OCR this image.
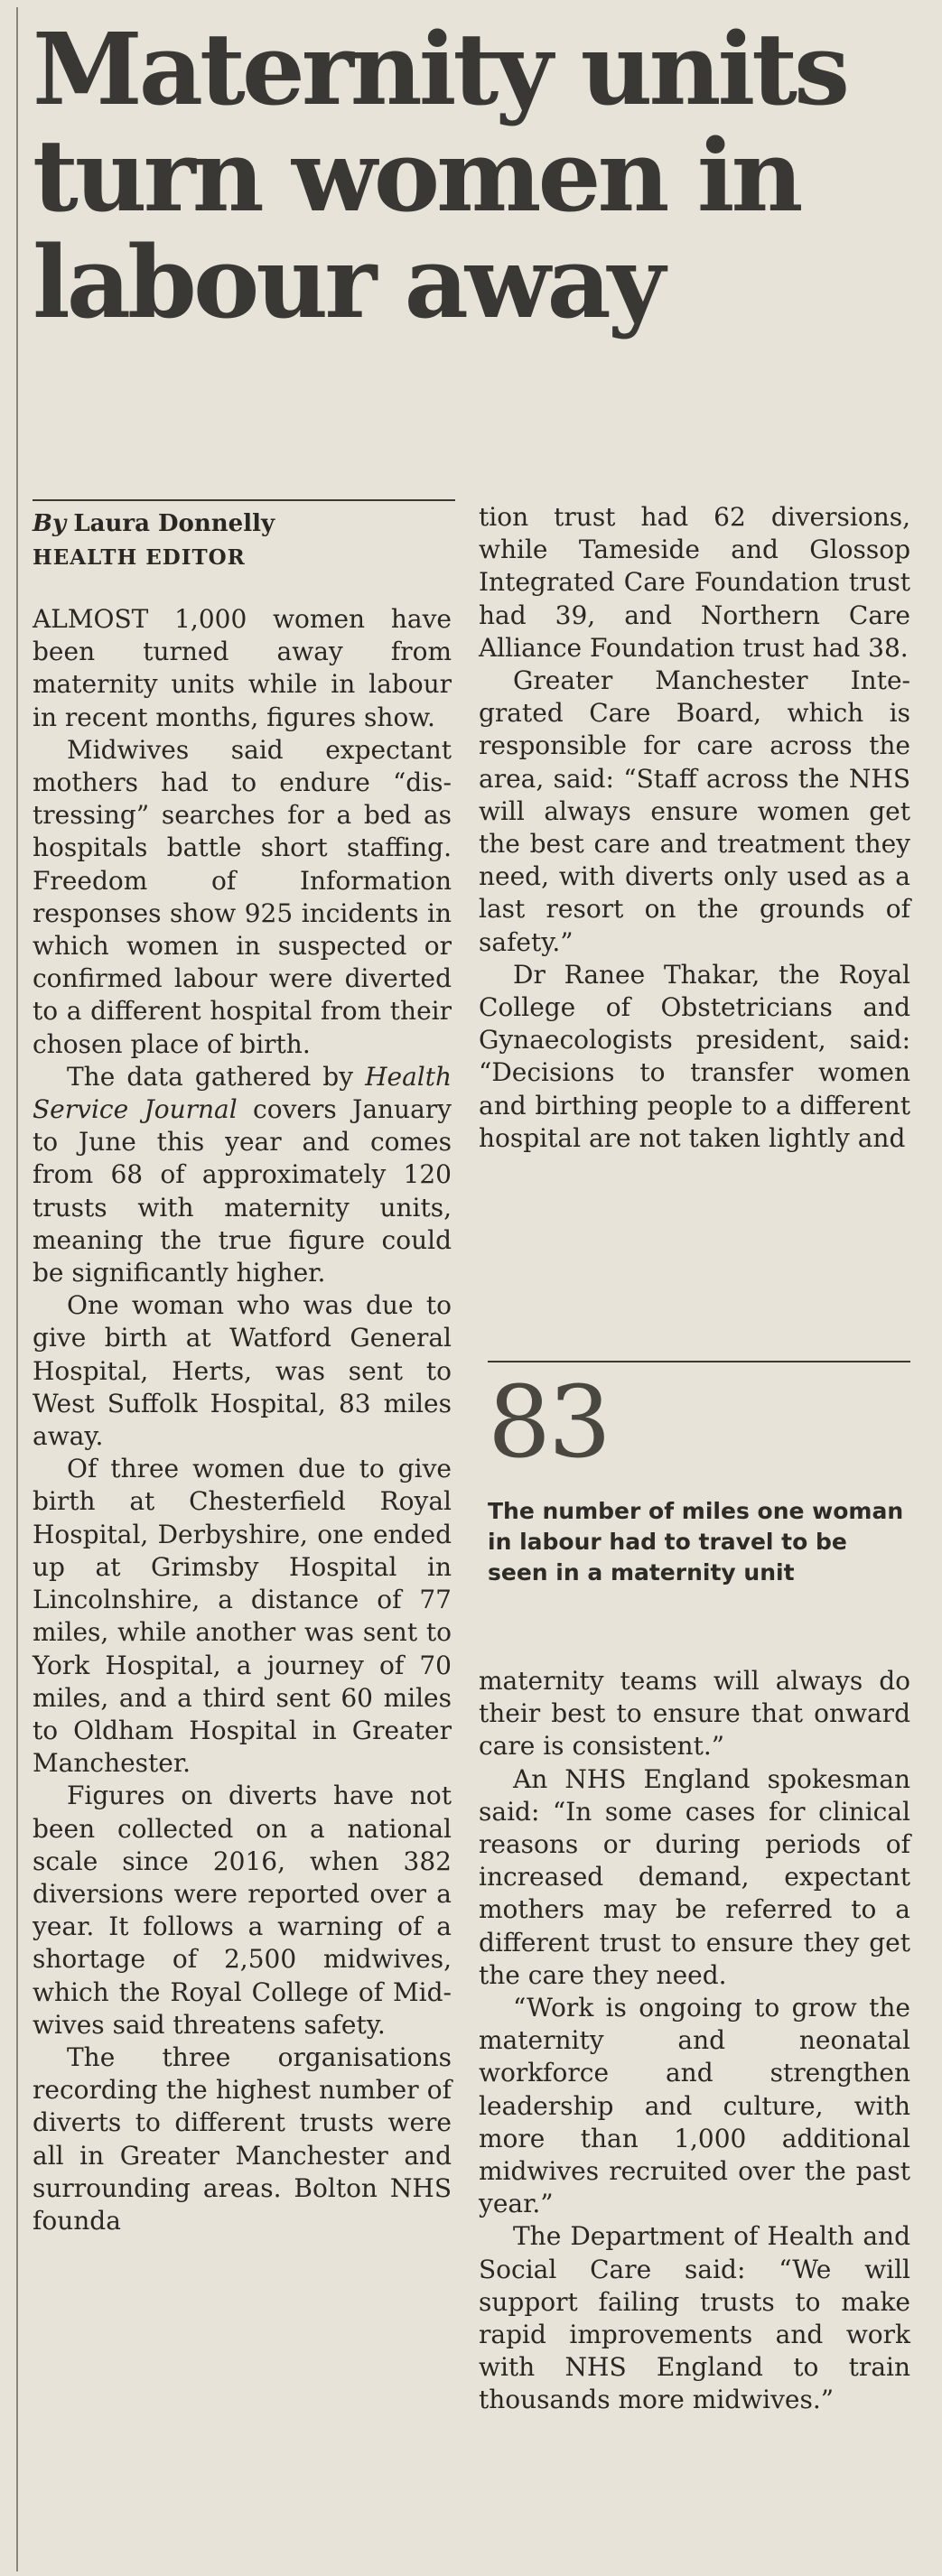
Maternity units turn women in labour away
By Laura Donnelly
HEALTH EDITOR

ALMOST 1,000 women have been turned away from maternity units while in labour in recent months, figures show.

Midwives said expectant mothers had to endure “distressing” searches for a bed as hospitals battle short staffing. Freedom of Information responses show 925 incidents in which women in suspected or confirmed labour were diverted to a different hospital from their chosen place of birth.

The data gathered by Health Service Journal covers January to June this year and comes from 68 of approximately 120 trusts with maternity units, meaning the true figure could be significantly higher.

One woman who was due to give birth at Watford General Hospital, Herts, was sent to West Suffolk Hospital, 83 miles away.

Of three women due to give birth at Chesterfield Royal Hospital, Derbyshire, one ended up at Grimsby Hospital in Lincolnshire, a distance of 77 miles, while another was sent to York Hospital, a journey of 70 miles, and a third sent 60 miles to Oldham Hospital in Greater Manchester.

Figures on diverts have not been collected on a national scale since 2016, when 382 diversions were reported over a year. It follows a warning of a shortage of 2,500 midwives, which the Royal College of Midwives said threatens safety.

The three organisations recording the highest number of diverts to different trusts were all in Greater Manchester and surrounding areas. Bolton NHS founda

tion trust had 62 diversions, while Tameside and Glossop Integrated Care Foundation trust had 39, and Northern Care Alliance Foundation trust had 38.

Greater Manchester Integrated Care Board, which is responsible for care across the area, said: “Staff across the NHS will always ensure women get the best care and treatment they need, with diverts only used as a last resort on the grounds of safety.”

Dr Ranee Thakar, the Royal College of Obstetricians and Gynaecologists president, said: “Decisions to transfer women and birthing people to a different hospital are not taken lightly and

83
The number of miles one woman in labour had to travel to be seen in a maternity unit

maternity teams will always do their best to ensure that onward care is consistent.”

An NHS England spokesman said: “In some cases for clinical reasons or during periods of increased demand, expectant mothers may be referred to a different trust to ensure they get the care they need.

“Work is ongoing to grow the maternity and neonatal workforce and strengthen leadership and culture, with more than 1,000 additional midwives recruited over the past year.”

The Department of Health and Social Care said: “We will support failing trusts to make rapid improvements and work with NHS England to train thousands more midwives.”
